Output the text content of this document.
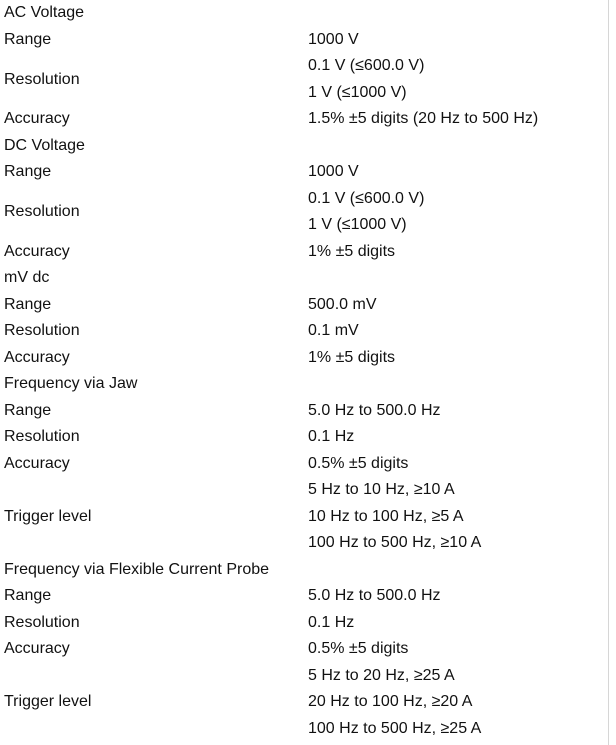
AC Voltage	
Range	1000 V
Resolution	0.1 V (≤600.0 V)
	1 V (≤1000 V)
Accuracy	1.5% ±5 digits (20 Hz to 500 Hz)
DC Voltage	
Range	1000 V
Resolution	0.1 V (≤600.0 V)
	1 V (≤1000 V)
Accuracy	1% ±5 digits
mV dc	
Range	500.0 mV
Resolution	0.1 mV
Accuracy	1% ±5 digits
Frequency via Jaw	
Range	5.0 Hz to 500.0 Hz
Resolution	0.1 Hz
Accuracy	0.5% ±5 digits
Trigger level	5 Hz to 10 Hz, ≥10 A
	10 Hz to 100 Hz, ≥5 A
	100 Hz to 500 Hz, ≥10 A
Frequency via Flexible Current Probe	
Range	5.0 Hz to 500.0 Hz
Resolution	0.1 Hz
Accuracy	0.5% ±5 digits
Trigger level	5 Hz to 20 Hz, ≥25 A
	20 Hz to 100 Hz, ≥20 A
	100 Hz to 500 Hz, ≥25 A
